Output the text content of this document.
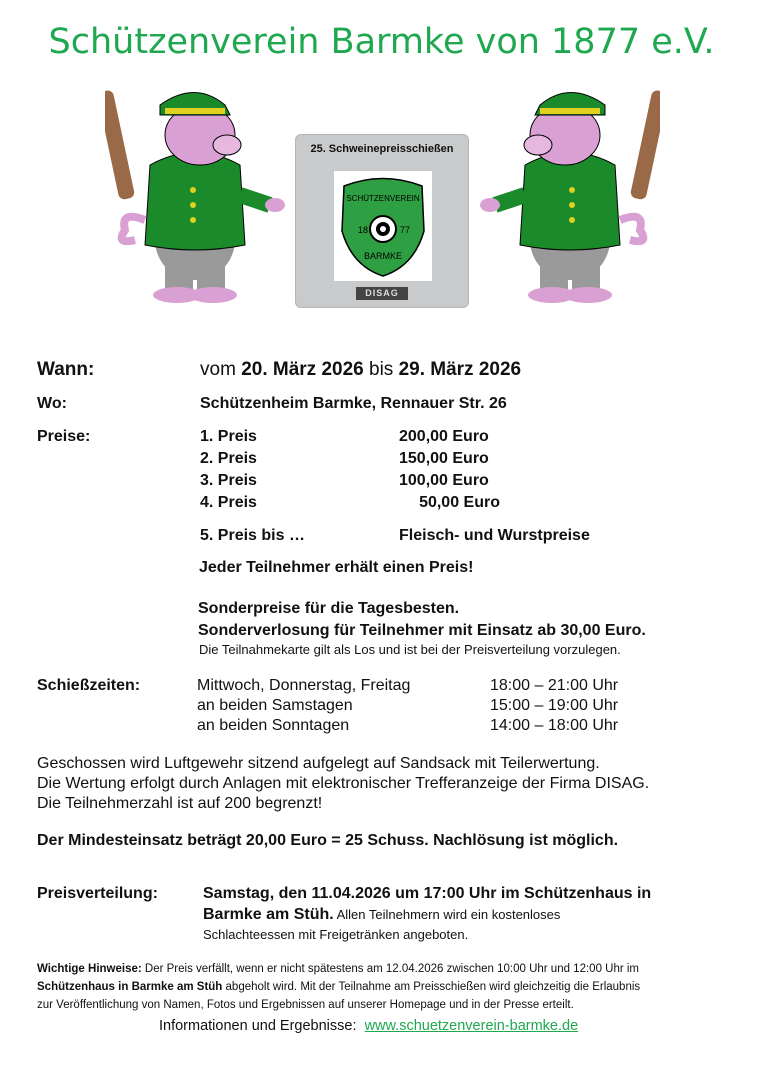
Schützenverein Barmke von 1877 e.V.
25. Schweinepreisschießen
SCHÜTZENVEREIN
18	77
BARMKE
DISAG
Wann:	vom 20. März 2026 bis 29. März 2026
Wo:	Schützenheim Barmke, Rennauer Str. 26
Preise:	1. Preis	200,00 Euro
2. Preis	150,00 Euro
3. Preis	100,00 Euro
4. Preis	50,00 Euro
5. Preis bis …	Fleisch- und Wurstpreise
Jeder Teilnehmer erhält einen Preis!
Sonderpreise für die Tagesbesten.
Sonderverlosung für Teilnehmer mit Einsatz ab 30,00 Euro.
Die Teilnahmekarte gilt als Los und ist bei der Preisverteilung vorzulegen.
Schießzeiten:	Mittwoch, Donnerstag, Freitag	18:00 – 21:00 Uhr
an beiden Samstagen	15:00 – 19:00 Uhr
an beiden Sonntagen	14:00 – 18:00 Uhr
Geschossen wird Luftgewehr sitzend aufgelegt auf Sandsack mit Teilerwertung.
Die Wertung erfolgt durch Anlagen mit elektronischer Trefferanzeige der Firma DISAG.
Die Teilnehmerzahl ist auf 200 begrenzt!
Der Mindesteinsatz beträgt 20,00 Euro = 25 Schuss. Nachlösung ist möglich.
Preisverteilung:	Samstag, den 11.04.2026 um 17:00 Uhr im Schützenhaus in
Barmke am Stüh. Allen Teilnehmern wird ein kostenloses
Schlachteessen mit Freigetränken angeboten.
Wichtige Hinweise: Der Preis verfällt, wenn er nicht spätestens am 12.04.2026 zwischen 10:00 Uhr und 12:00 Uhr im
Schützenhaus in Barmke am Stüh abgeholt wird. Mit der Teilnahme am Preisschießen wird gleichzeitig die Erlaubnis
zur Veröffentlichung von Namen, Fotos und Ergebnissen auf unserer Homepage und in der Presse erteilt.
Informationen und Ergebnisse: www.schuetzenverein-barmke.de
